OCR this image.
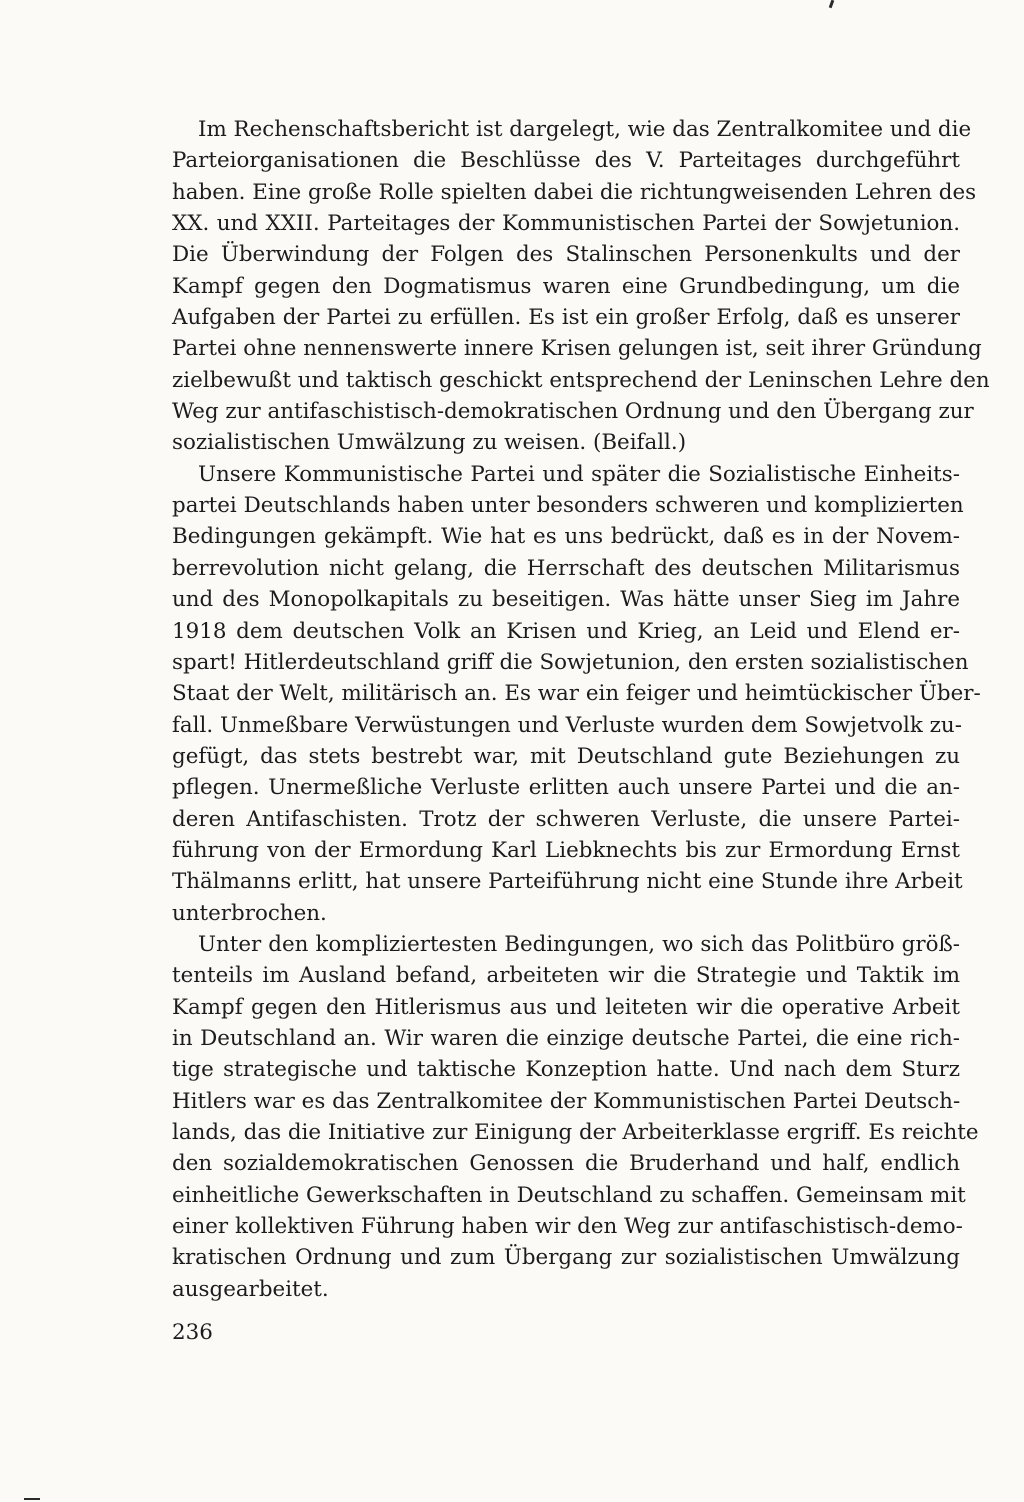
Im Rechenschaftsbericht ist dargelegt, wie das Zentralkomitee und die
Parteiorganisationen die Beschlüsse des V. Parteitages durchgeführt
haben. Eine große Rolle spielten dabei die richtungweisenden Lehren des
XX. und XXII. Parteitages der Kommunistischen Partei der Sowjetunion.
Die Überwindung der Folgen des Stalinschen Personenkults und der
Kampf gegen den Dogmatismus waren eine Grundbedingung, um die
Aufgaben der Partei zu erfüllen. Es ist ein großer Erfolg, daß es unserer
Partei ohne nennenswerte innere Krisen gelungen ist, seit ihrer Gründung
zielbewußt und taktisch geschickt entsprechend der Leninschen Lehre den
Weg zur antifaschistisch-demokratischen Ordnung und den Übergang zur
sozialistischen Umwälzung zu weisen. (Beifall.)
Unsere Kommunistische Partei und später die Sozialistische Einheits-
partei Deutschlands haben unter besonders schweren und komplizierten
Bedingungen gekämpft. Wie hat es uns bedrückt, daß es in der Novem-
berrevolution nicht gelang, die Herrschaft des deutschen Militarismus
und des Monopolkapitals zu beseitigen. Was hätte unser Sieg im Jahre
1918 dem deutschen Volk an Krisen und Krieg, an Leid und Elend er-
spart! Hitlerdeutschland griff die Sowjetunion, den ersten sozialistischen
Staat der Welt, militärisch an. Es war ein feiger und heimtückischer Über-
fall. Unmeßbare Verwüstungen und Verluste wurden dem Sowjetvolk zu-
gefügt, das stets bestrebt war, mit Deutschland gute Beziehungen zu
pflegen. Unermeßliche Verluste erlitten auch unsere Partei und die an-
deren Antifaschisten. Trotz der schweren Verluste, die unsere Partei-
führung von der Ermordung Karl Liebknechts bis zur Ermordung Ernst
Thälmanns erlitt, hat unsere Parteiführung nicht eine Stunde ihre Arbeit
unterbrochen.
Unter den kompliziertesten Bedingungen, wo sich das Politbüro größ-
tenteils im Ausland befand, arbeiteten wir die Strategie und Taktik im
Kampf gegen den Hitlerismus aus und leiteten wir die operative Arbeit
in Deutschland an. Wir waren die einzige deutsche Partei, die eine rich-
tige strategische und taktische Konzeption hatte. Und nach dem Sturz
Hitlers war es das Zentralkomitee der Kommunistischen Partei Deutsch-
lands, das die Initiative zur Einigung der Arbeiterklasse ergriff. Es reichte
den sozialdemokratischen Genossen die Bruderhand und half, endlich
einheitliche Gewerkschaften in Deutschland zu schaffen. Gemeinsam mit
einer kollektiven Führung haben wir den Weg zur antifaschistisch-demo-
kratischen Ordnung und zum Übergang zur sozialistischen Umwälzung
ausgearbeitet.
236
